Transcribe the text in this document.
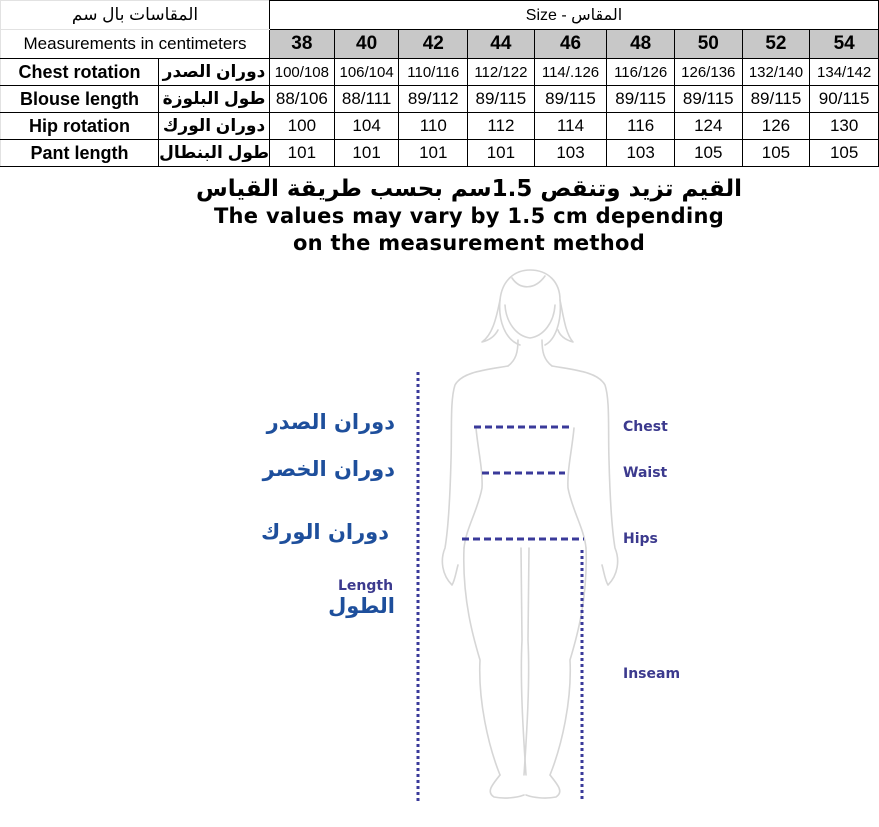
المقاسات بال سم		Size - المقاس								
Measurements in centimeters		38	40	42	44	46	48	50	52	54
Chest rotation	دوران الصدر	100/108	106/104	110/116	112/122	114/.126	116/126	126/136	132/140	134/142
Blouse length	طول البلوزة	88/106	88/111	89/112	89/115	89/115	89/115	89/115	89/115	90/115
Hip rotation	دوران الورك	100	104	110	112	114	116	124	126	130
Pant length	طول البنطال	101	101	101	101	103	103	105	105	105
القيم تزيد وتنقص 1.5سم بحسب طريقة القياس
The values may vary by 1.5 cm depending
on the measurement method
دوران الصدر
دوران الخصر
دوران الورك
Length
الطول
Chest
Waist
Hips
Inseam
